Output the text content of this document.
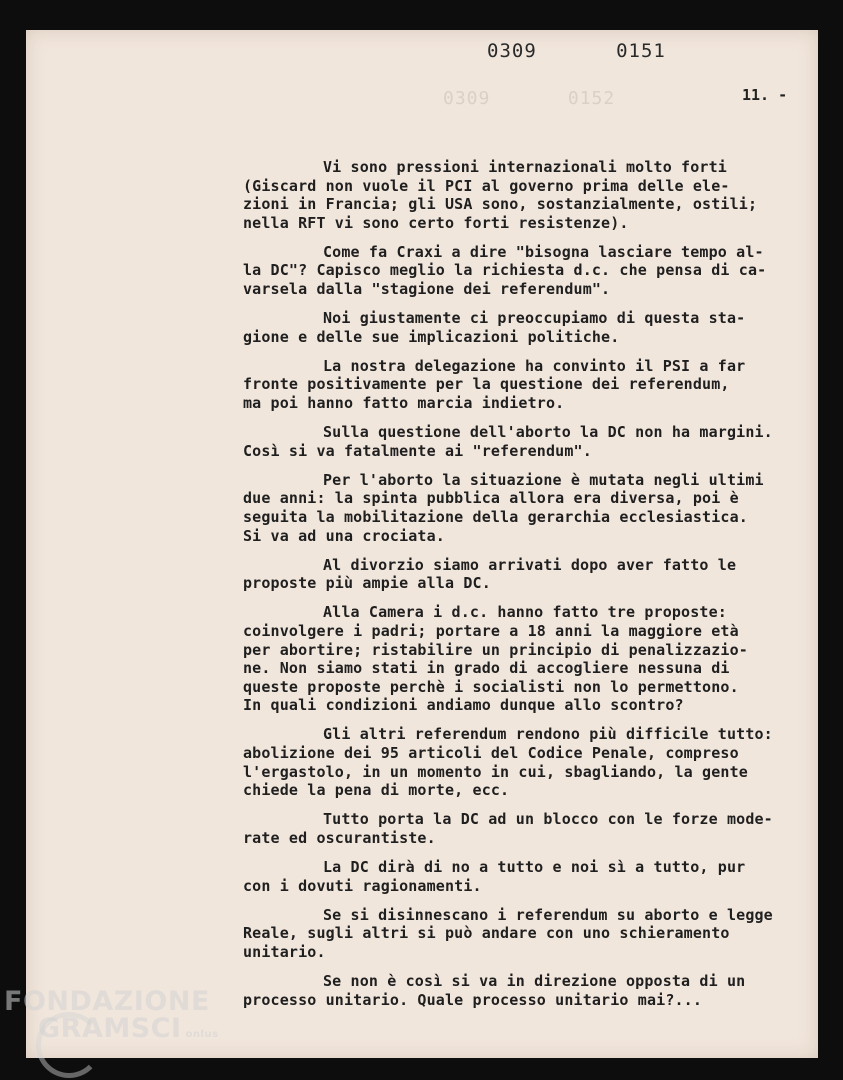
0309   0152
0309   0151
11. -

Vi sono pressioni internazionali molto forti
(Giscard non vuole il PCI al governo prima delle ele-
zioni in Francia; gli USA sono, sostanzialmente, ostili;
nella RFT vi sono certo forti resistenze).

Come fa Craxi a dire "bisogna lasciare tempo al-
la DC"? Capisco meglio la richiesta d.c. che pensa di ca-
varsela dalla "stagione dei referendum".

Noi giustamente ci preoccupiamo di questa sta-
gione e delle sue implicazioni politiche.

La nostra delegazione ha convinto il PSI a far
fronte positivamente per la questione dei referendum,
ma poi hanno fatto marcia indietro.

Sulla questione dell'aborto la DC non ha margini.
Così si va fatalmente ai "referendum".

Per l'aborto la situazione è mutata negli ultimi
due anni: la spinta pubblica allora era diversa, poi è
seguita la mobilitazione della gerarchia ecclesiastica.
Si va ad una crociata.

Al divorzio siamo arrivati dopo aver fatto le
proposte più ampie alla DC.

Alla Camera i d.c. hanno fatto tre proposte:
coinvolgere i padri; portare a 18 anni la maggiore età
per abortire; ristabilire un principio di penalizzazio-
ne. Non siamo stati in grado di accogliere nessuna di
queste proposte perchè i socialisti non lo permettono.
In quali condizioni andiamo dunque allo scontro?

Gli altri referendum rendono più difficile tutto:
abolizione dei 95 articoli del Codice Penale, compreso
l'ergastolo, in un momento in cui, sbagliando, la gente
chiede la pena di morte, ecc.

Tutto porta la DC ad un blocco con le forze mode-
rate ed oscurantiste.

La DC dirà di no a tutto e noi sì a tutto, pur
con i dovuti ragionamenti.

Se si disinnescano i referendum su aborto e legge
Reale, sugli altri si può andare con uno schieramento
unitario.

Se non è così si va in direzione opposta di un
processo unitario. Quale processo unitario mai?...

FONDAZIONE
GRAMSCI onlus
